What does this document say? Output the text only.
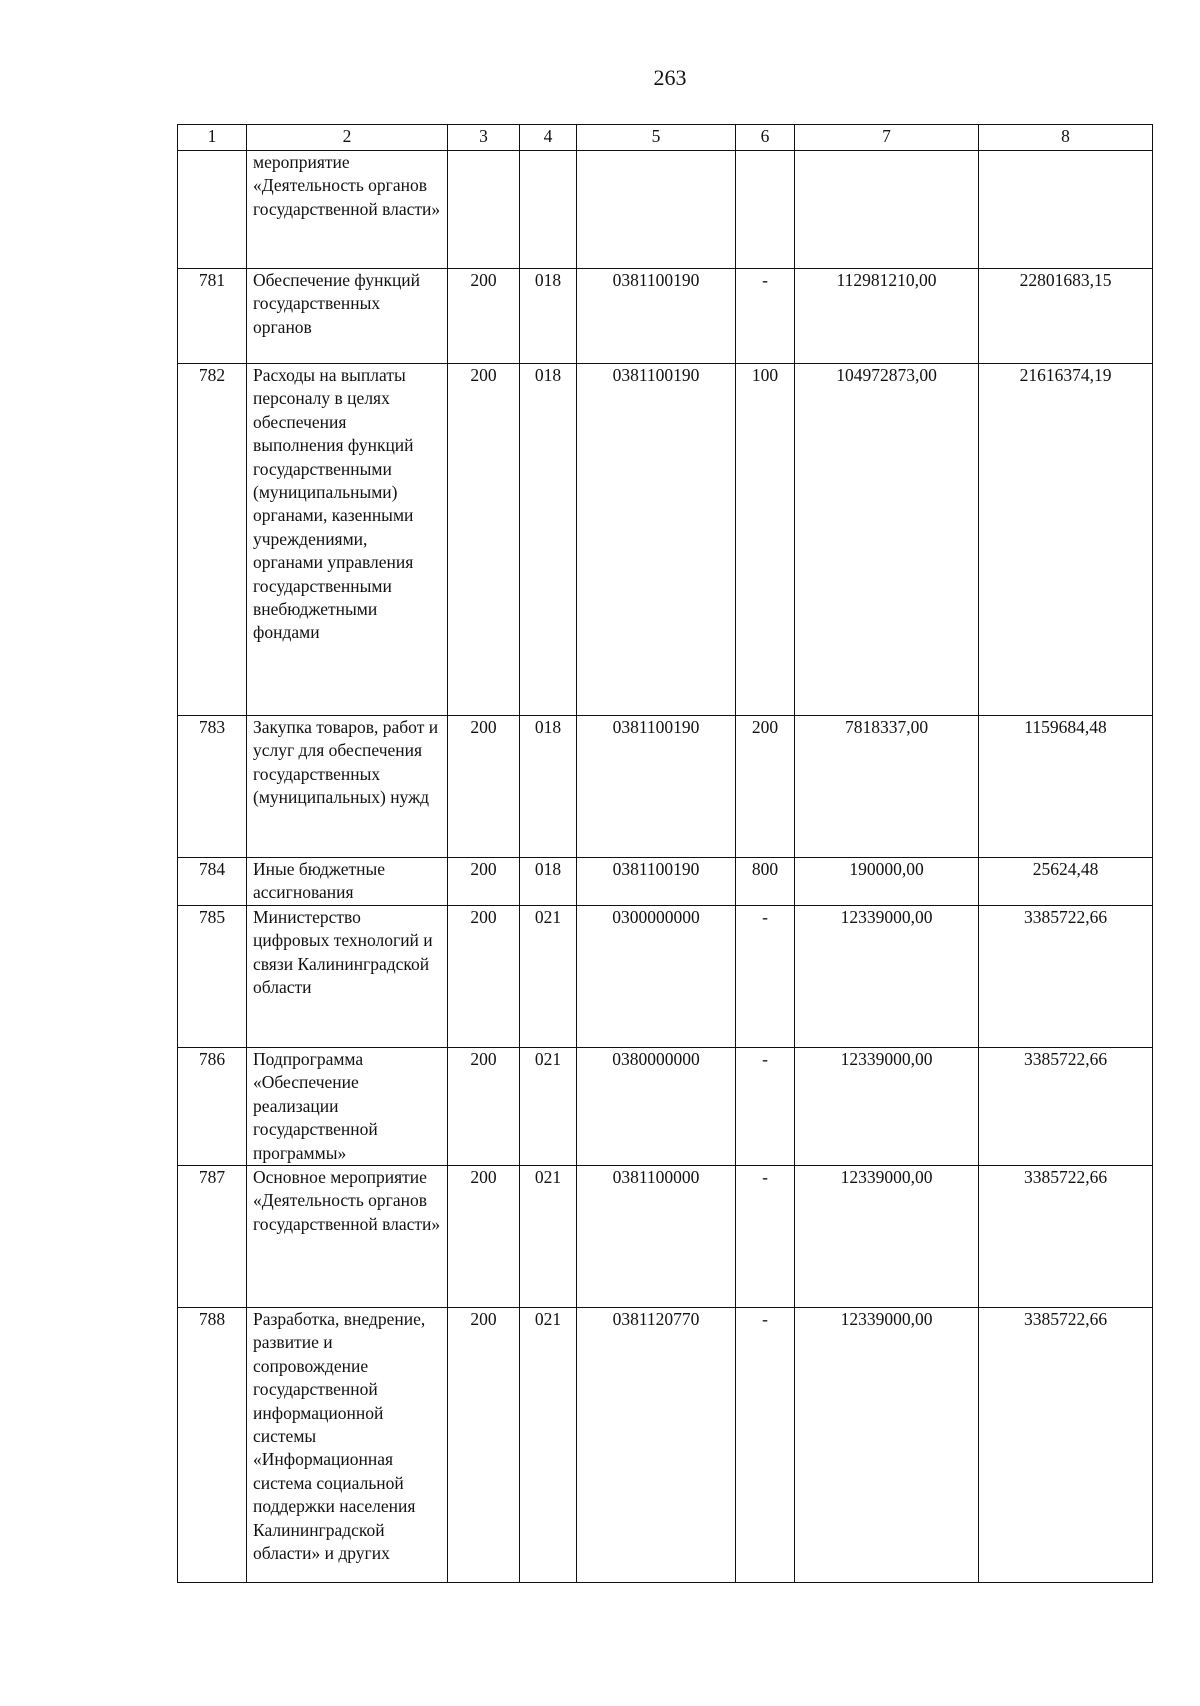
263
1	2	3	4	5	6	7	8
	мероприятие «Деятельность органов государственной власти»						
781	Обеспечение функций государственных органов	200	018	0381100190	-	112981210,00	22801683,15
782	Расходы на выплаты персоналу в целях обеспечения выполнения функций государственными (муниципальными) органами, казенными учреждениями, органами управления государственными внебюджетными фондами	200	018	0381100190	100	104972873,00	21616374,19
783	Закупка товаров, работ и услуг для обеспечения государственных (муниципальных) нужд	200	018	0381100190	200	7818337,00	1159684,48
784	Иные бюджетные ассигнования	200	018	0381100190	800	190000,00	25624,48
785	Министерство цифровых технологий и связи Калининградской области	200	021	0300000000	-	12339000,00	3385722,66
786	Подпрограмма «Обеспечение реализации государственной программы»	200	021	0380000000	-	12339000,00	3385722,66
787	Основное мероприятие «Деятельность органов государственной власти»	200	021	0381100000	-	12339000,00	3385722,66
788	Разработка, внедрение, развитие и сопровождение государственной информационной системы «Информационная система социальной поддержки населения Калининградской области» и других	200	021	0381120770	-	12339000,00	3385722,66
